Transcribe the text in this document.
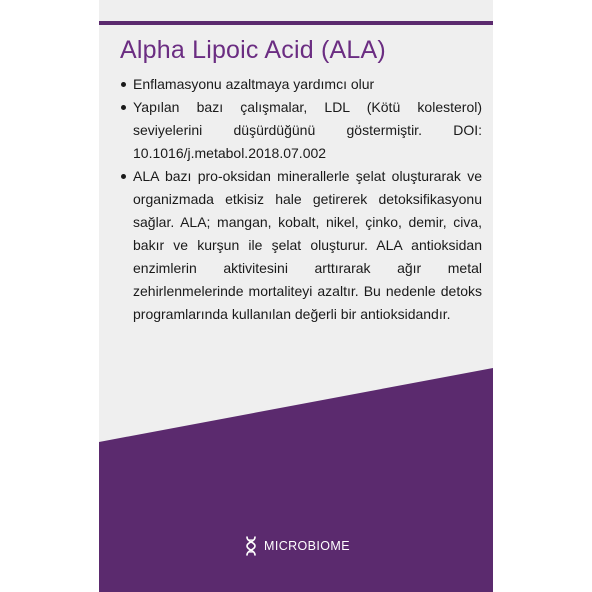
Alpha Lipoic Acid (ALA)
Enflamasyonu azaltmaya yardımcı olur
Yapılan bazı çalışmalar, LDL (Kötü kolesterol) seviyelerini düşürdüğünü göstermiştir. DOI: 10.1016/j.metabol.2018.07.002
ALA bazı pro-oksidan minerallerle şelat oluşturarak ve organizmada etkisiz hale getirerek detoksifikasyonu sağlar. ALA; mangan, kobalt, nikel, çinko, demir, civa, bakır ve kurşun ile şelat oluşturur. ALA antioksidan enzimlerin aktivitesini arttırarak ağır metal zehirlenmelerinde mortaliteyi azaltır. Bu nedenle detoks programlarında kullanılan değerli bir antioksidandır.
MICROBIOME
